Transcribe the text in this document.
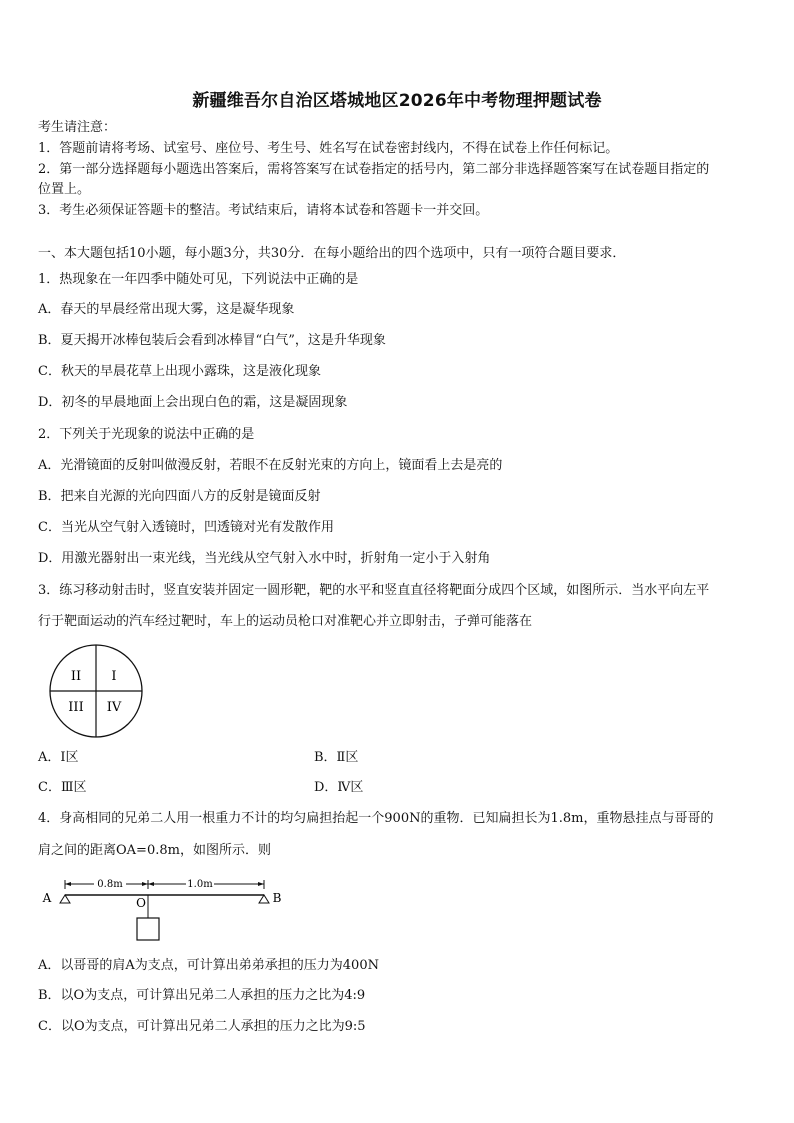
新疆维吾尔自治区塔城地区2026年中考物理押题试卷
考生请注意：
1．答题前请将考场、试室号、座位号、考生号、姓名写在试卷密封线内，不得在试卷上作任何标记。
2．第一部分选择题每小题选出答案后，需将答案写在试卷指定的括号内，第二部分非选择题答案写在试卷题目指定的
位置上。
3．考生必须保证答题卡的整洁。考试结束后，请将本试卷和答题卡一并交回。
一、本大题包括10小题，每小题3分，共30分．在每小题给出的四个选项中，只有一项符合题目要求．
1．热现象在一年四季中随处可见，下列说法中正确的是
A．春天的早晨经常出现大雾，这是凝华现象
B．夏天揭开冰棒包装后会看到冰棒冒“白气”，这是升华现象
C．秋天的早晨花草上出现小露珠，这是液化现象
D．初冬的早晨地面上会出现白色的霜，这是凝固现象
2．下列关于光现象的说法中正确的是
A．光滑镜面的反射叫做漫反射，若眼不在反射光束的方向上，镜面看上去是亮的
B．把来自光源的光向四面八方的反射是镜面反射
C．当光从空气射入透镜时，凹透镜对光有发散作用
D．用激光器射出一束光线，当光线从空气射入水中时，折射角一定小于入射角
3．练习移动射击时，竖直安装并固定一圆形靶，靶的水平和竖直直径将靶面分成四个区域，如图所示．当水平向左平
行于靶面运动的汽车经过靶时，车上的运动员枪口对准靶心并立即射击，子弹可能落在
II I
III IV
A．Ⅰ区	B．Ⅱ区
C．Ⅲ区	D．Ⅳ区
4．身高相同的兄弟二人用一根重力不计的均匀扁担抬起一个900N的重物．已知扁担长为1.8m，重物悬挂点与哥哥的
肩之间的距离OA=0.8m，如图所示．则
0.8m	1.0m
A	B
O
A．以哥哥的肩A为支点，可计算出弟弟承担的压力为400N
B．以O为支点，可计算出兄弟二人承担的压力之比为4:9
C．以O为支点，可计算出兄弟二人承担的压力之比为9:5
